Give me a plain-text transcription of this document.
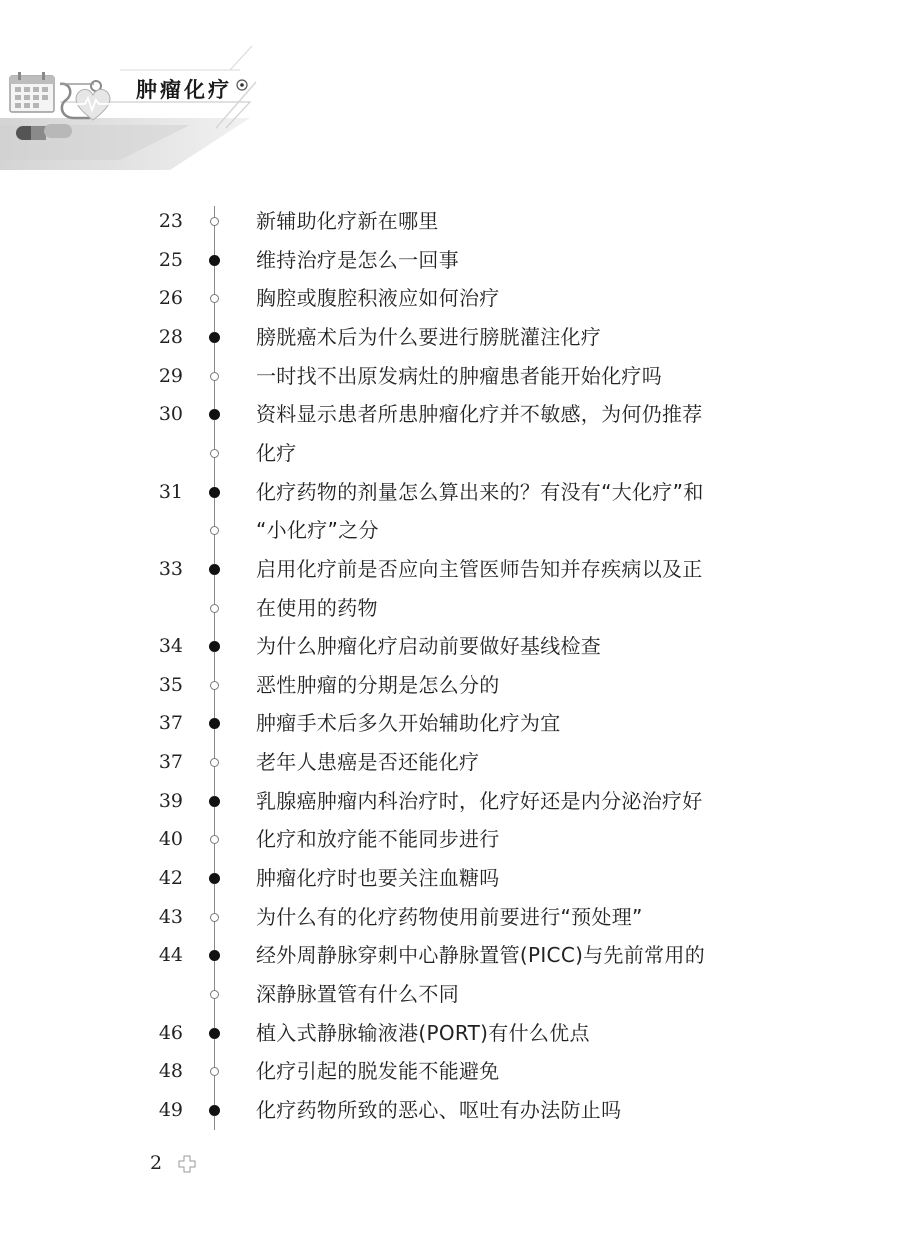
肿瘤化疗
23	新辅助化疗新在哪里
25	维持治疗是怎么一回事
26	胸腔或腹腔积液应如何治疗
28	膀胱癌术后为什么要进行膀胱灌注化疗
29	一时找不出原发病灶的肿瘤患者能开始化疗吗
30	资料显示患者所患肿瘤化疗并不敏感，为何仍推荐
化疗
31	化疗药物的剂量怎么算出来的？有没有“大化疗”和
“小化疗”之分
33	启用化疗前是否应向主管医师告知并存疾病以及正
在使用的药物
34	为什么肿瘤化疗启动前要做好基线检查
35	恶性肿瘤的分期是怎么分的
37	肿瘤手术后多久开始辅助化疗为宜
37	老年人患癌是否还能化疗
39	乳腺癌肿瘤内科治疗时，化疗好还是内分泌治疗好
40	化疗和放疗能不能同步进行
42	肿瘤化疗时也要关注血糖吗
43	为什么有的化疗药物使用前要进行“预处理”
44	经外周静脉穿刺中心静脉置管(PICC)与先前常用的
深静脉置管有什么不同
46	植入式静脉输液港(PORT)有什么优点
48	化疗引起的脱发能不能避免
49	化疗药物所致的恶心、呕吐有办法防止吗
2
